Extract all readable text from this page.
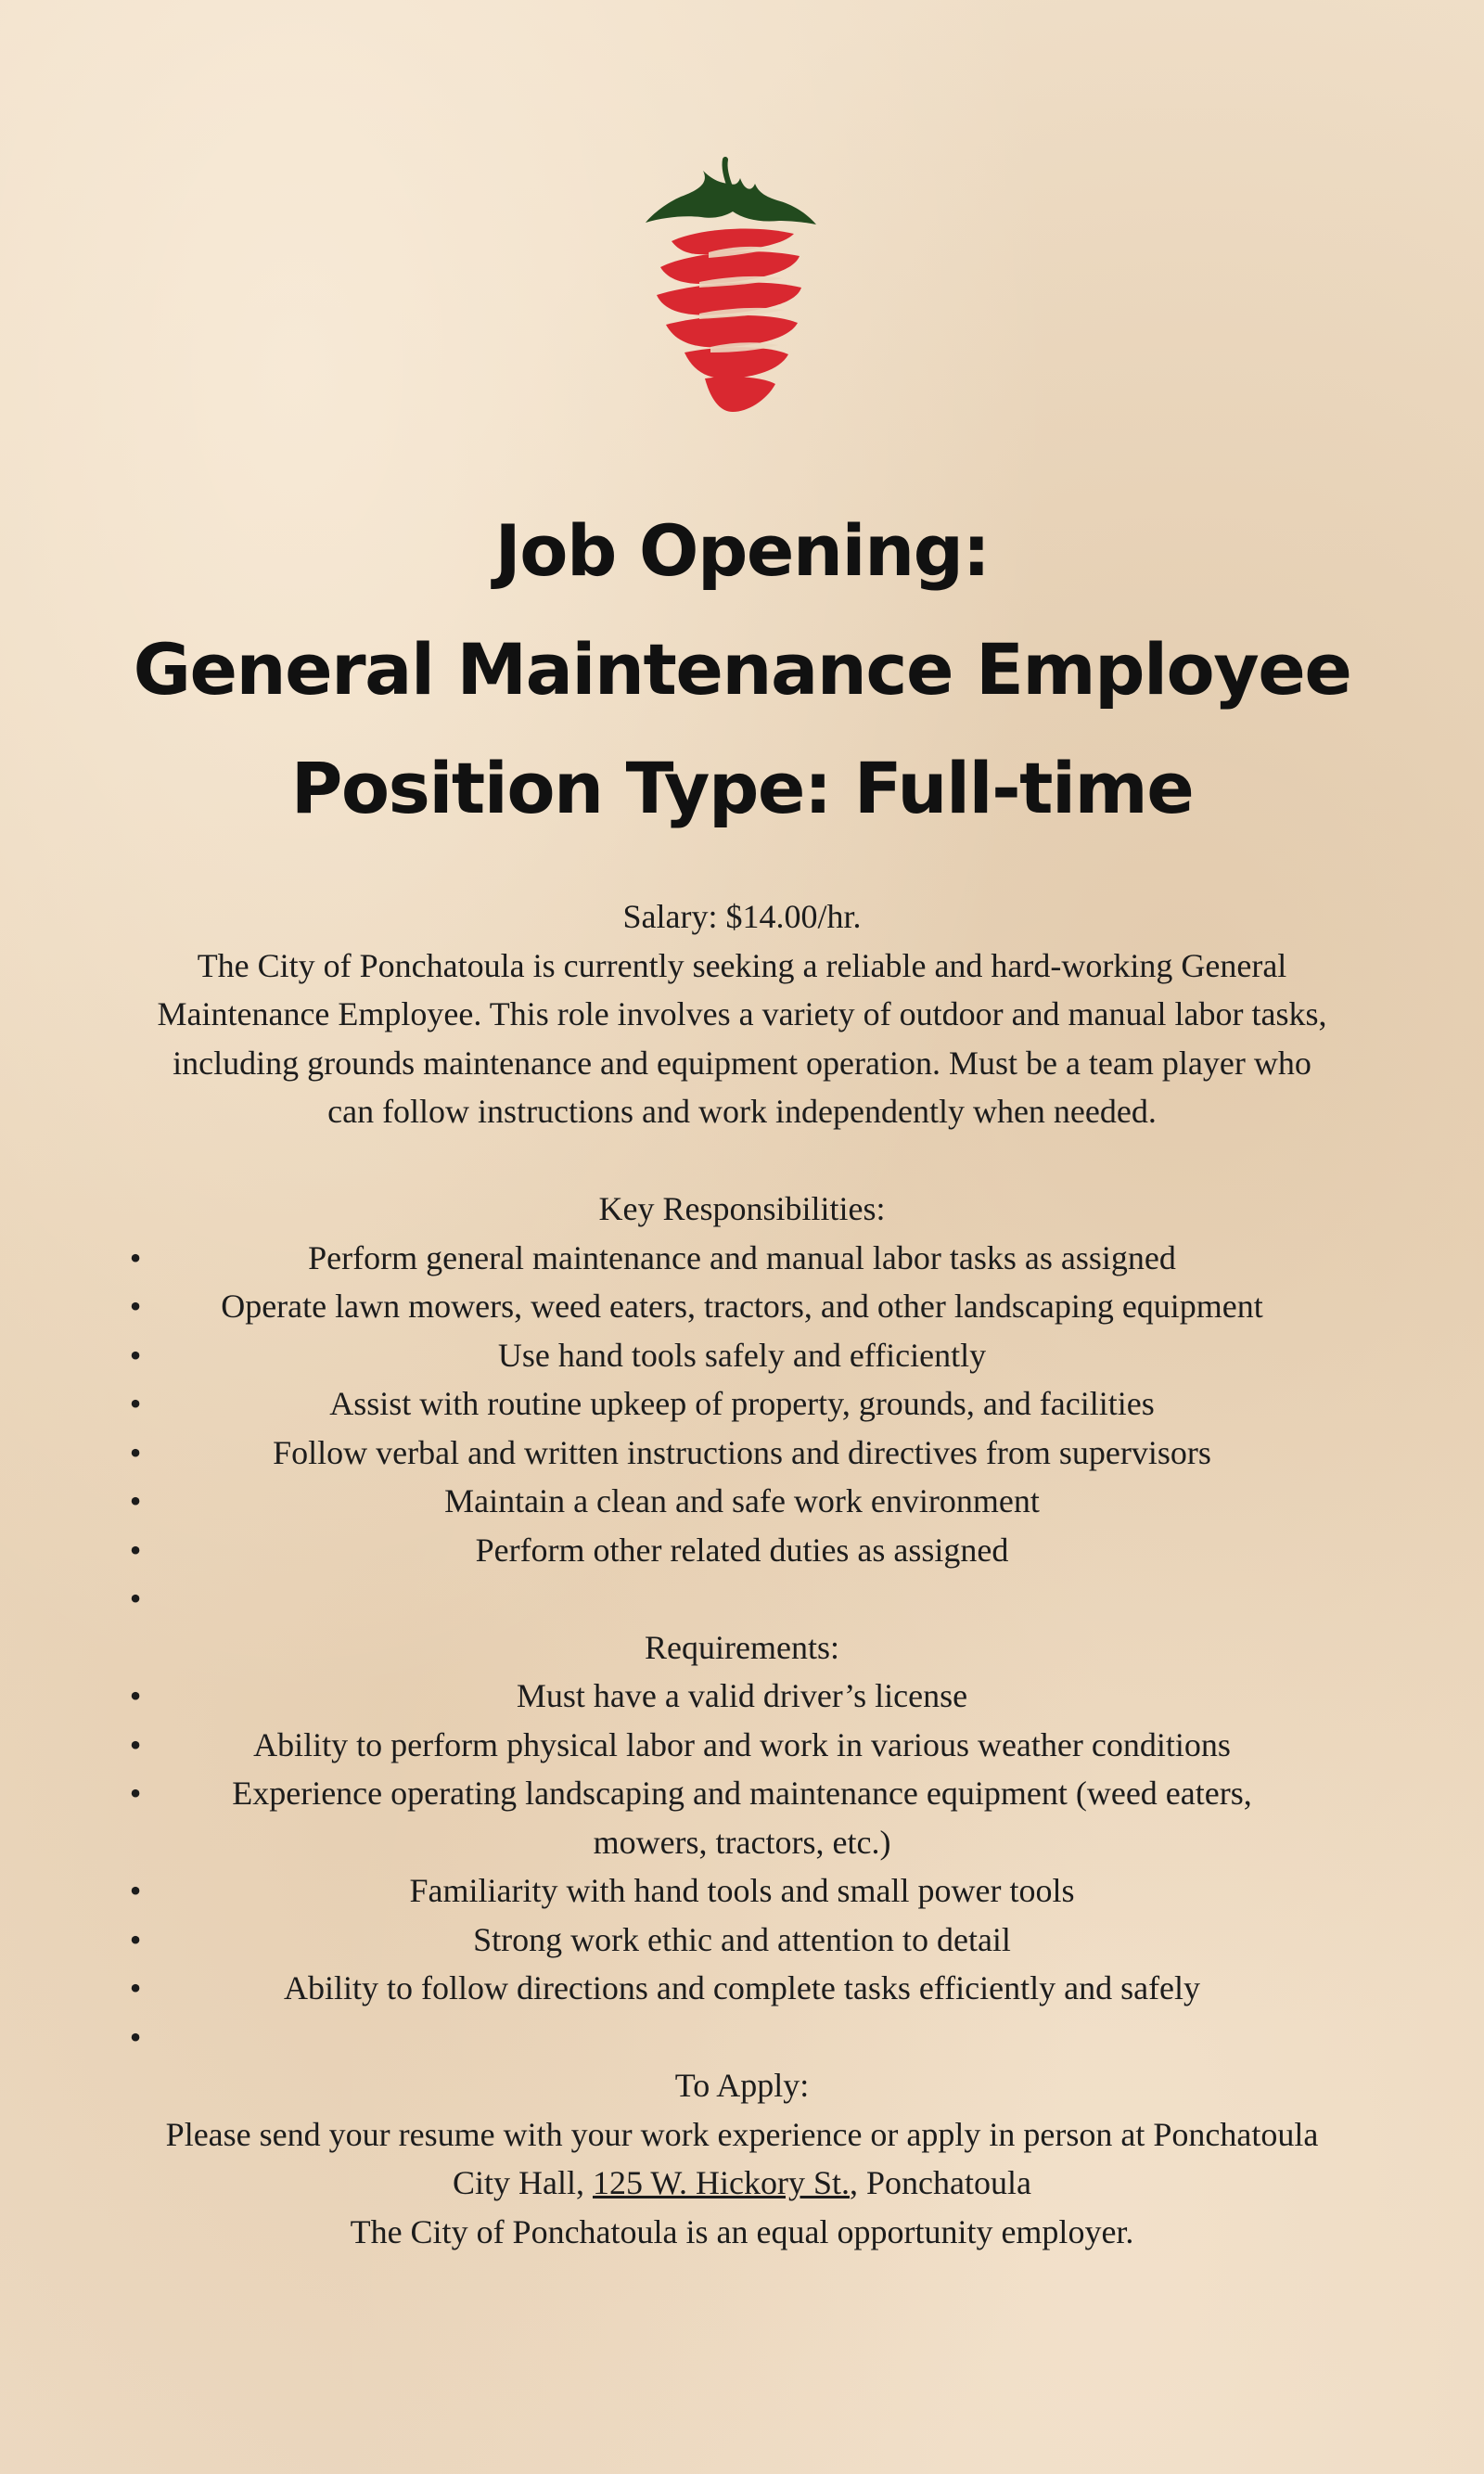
Job Opening:
General Maintenance Employee
Position Type: Full-time
Salary: $14.00/hr.
The City of Ponchatoula is currently seeking a reliable and hard-working General
Maintenance Employee. This role involves a variety of outdoor and manual labor tasks,
including grounds maintenance and equipment operation. Must be a team player who
can follow instructions and work independently when needed.
Key Responsibilities:
•	Perform general maintenance and manual labor tasks as assigned
• Operate lawn mowers, weed eaters, tractors, and other landscaping equipment
•	Use hand tools safely and efficiently
•	Assist with routine upkeep of property, grounds, and facilities
•	Follow verbal and written instructions and directives from supervisors
•	Maintain a clean and safe work environment
•	Perform other related duties as assigned
•
Requirements:
•	Must have a valid driver’s license
•	Ability to perform physical labor and work in various weather conditions
•	Experience operating landscaping and maintenance equipment (weed eaters,
mowers, tractors, etc.)
•	Familiarity with hand tools and small power tools
•	Strong work ethic and attention to detail
•	Ability to follow directions and complete tasks efficiently and safely
•
To Apply:
Please send your resume with your work experience or apply in person at Ponchatoula
City Hall, 125 W. Hickory St., Ponchatoula
The City of Ponchatoula is an equal opportunity employer.
